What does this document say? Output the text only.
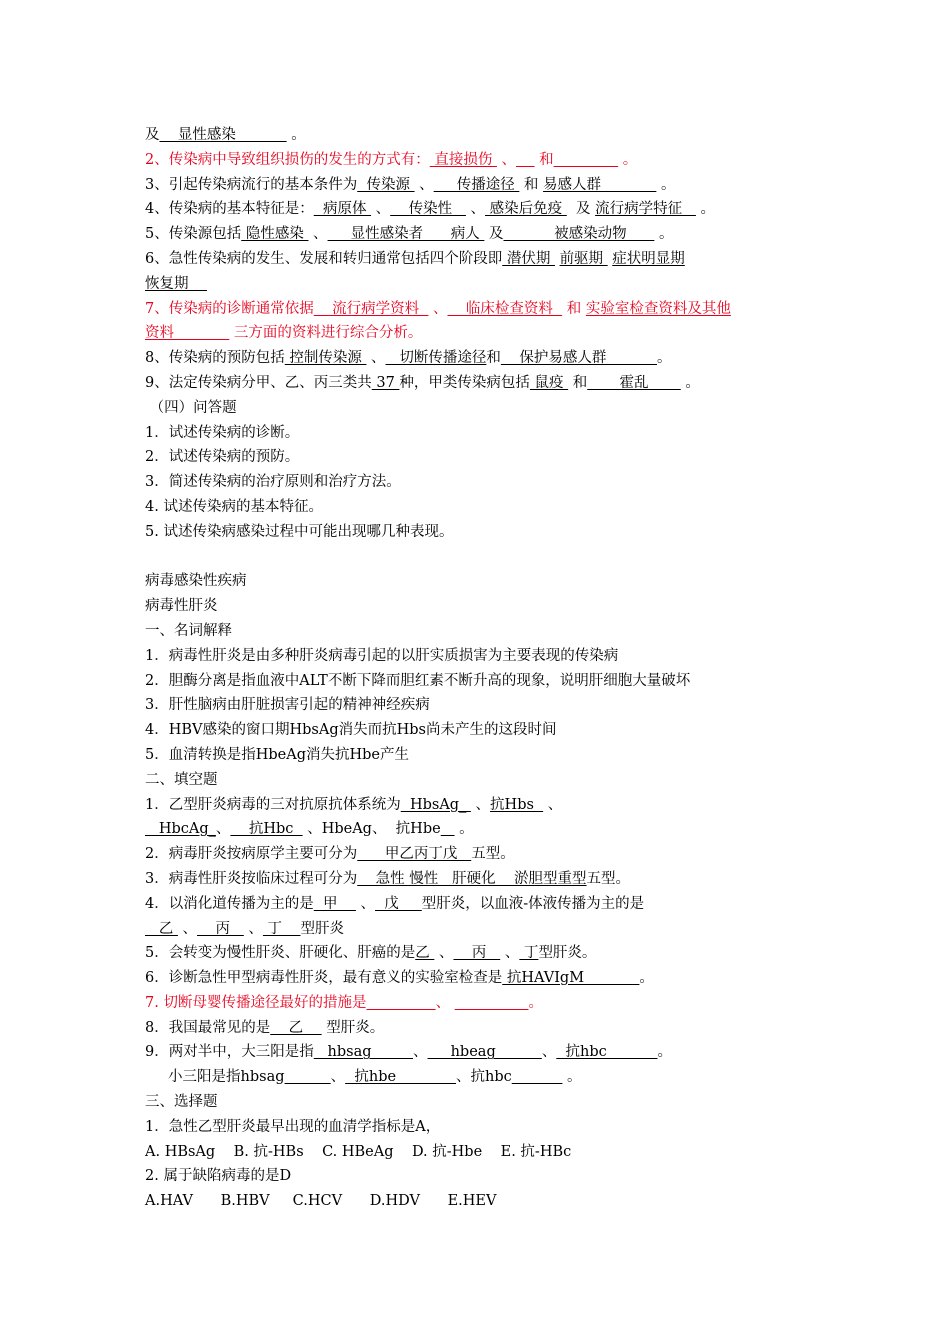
及    显性感染            。
2、传染病中导致组织损伤的发生的方式有： 直接损伤  、     和	。
3、引起传染病流行的基本条件为  传染源  、     传播途径  和 易感人群             。
4、传染病的基本特征是：  病原体  、    传染性    、 感染后免疫   及 流行病学特征    。
5、传染源包括 隐性感染  、     显性感染者      病人  及           被感染动物       。
6、急性传染病的发生、发展和转归通常包括四个阶段即 潜伏期  前驱期  症状明显期
恢复期
7、传染病的诊断通常依据    流行病学资料   、    临床检查资料   和 实验室检查资料及其他
资料             三方面的资料进行综合分析。
8、传染病的预防包括 控制传染源  、   切断传播途径和    保护易感人群           。
9、法定传染病分甲、乙、丙三类共 37 种，甲类传染病包括 鼠疫  和       霍乱        。
（四）问答题
1．试述传染病的诊断。
2．试述传染病的预防。
3．简述传染病的治疗原则和治疗方法。
4. 试述传染病的基本特征。
5. 试述传染病感染过程中可能出现哪几种表现。
病毒感染性疾病
病毒性肝炎
一、名词解释
1．病毒性肝炎是由多种肝炎病毒引起的以肝实质损害为主要表现的传染病
2．胆酶分离是指血液中ALT不断下降而胆红素不断升高的现象，说明肝细胞大量破坏
3．肝性脑病由肝脏损害引起的精神神经疾病
4．HBV感染的窗口期HbsAg消失而抗Hbs尚未产生的这段时间
5．血清转换是指HbeAg消失抗Hbe产生
二、填空题
1．乙型肝炎病毒的三对抗原抗体系统为  HbsAg_  、抗Hbs   、
HbcAg_、    抗Hbc   、HbeAg、  抗Hbe    。
2．病毒肝炎按病原学主要可分为      甲乙丙丁戊   五型。
3．病毒性肝炎按临床过程可分为    急性 慢性   肝硬化    淤胆型重型五型。
4．以消化道传播为主的是  甲     、  戊     型肝炎，以血液-体液传播为主的是
乙  、    丙    、 丁    型肝炎
5．会转变为慢性肝炎、肝硬化、肝癌的是乙  、    丙    、 丁型肝炎。
6．诊断急性甲型病毒性肝炎，最有意义的实验室检查是 抗HAVIgM            。
7. 切断母婴传播途径最好的措施是	、	。
8．我国最常见的是    乙     型肝炎。
9．两对半中，大三阳是指   hbsag         、     hbeag          、  抗hbc           。
小三阳是指hbsag	、  抗hbe             、抗hbc	。
三、选择题
1．急性乙型肝炎最早出现的血清学指标是A，
A. HBsAg    B. 抗-HBs    C. HBeAg    D. 抗-Hbe    E. 抗-HBc
2. 属于缺陷病毒的是D
A.HAV      B.HBV     C.HCV      D.HDV      E.HEV
